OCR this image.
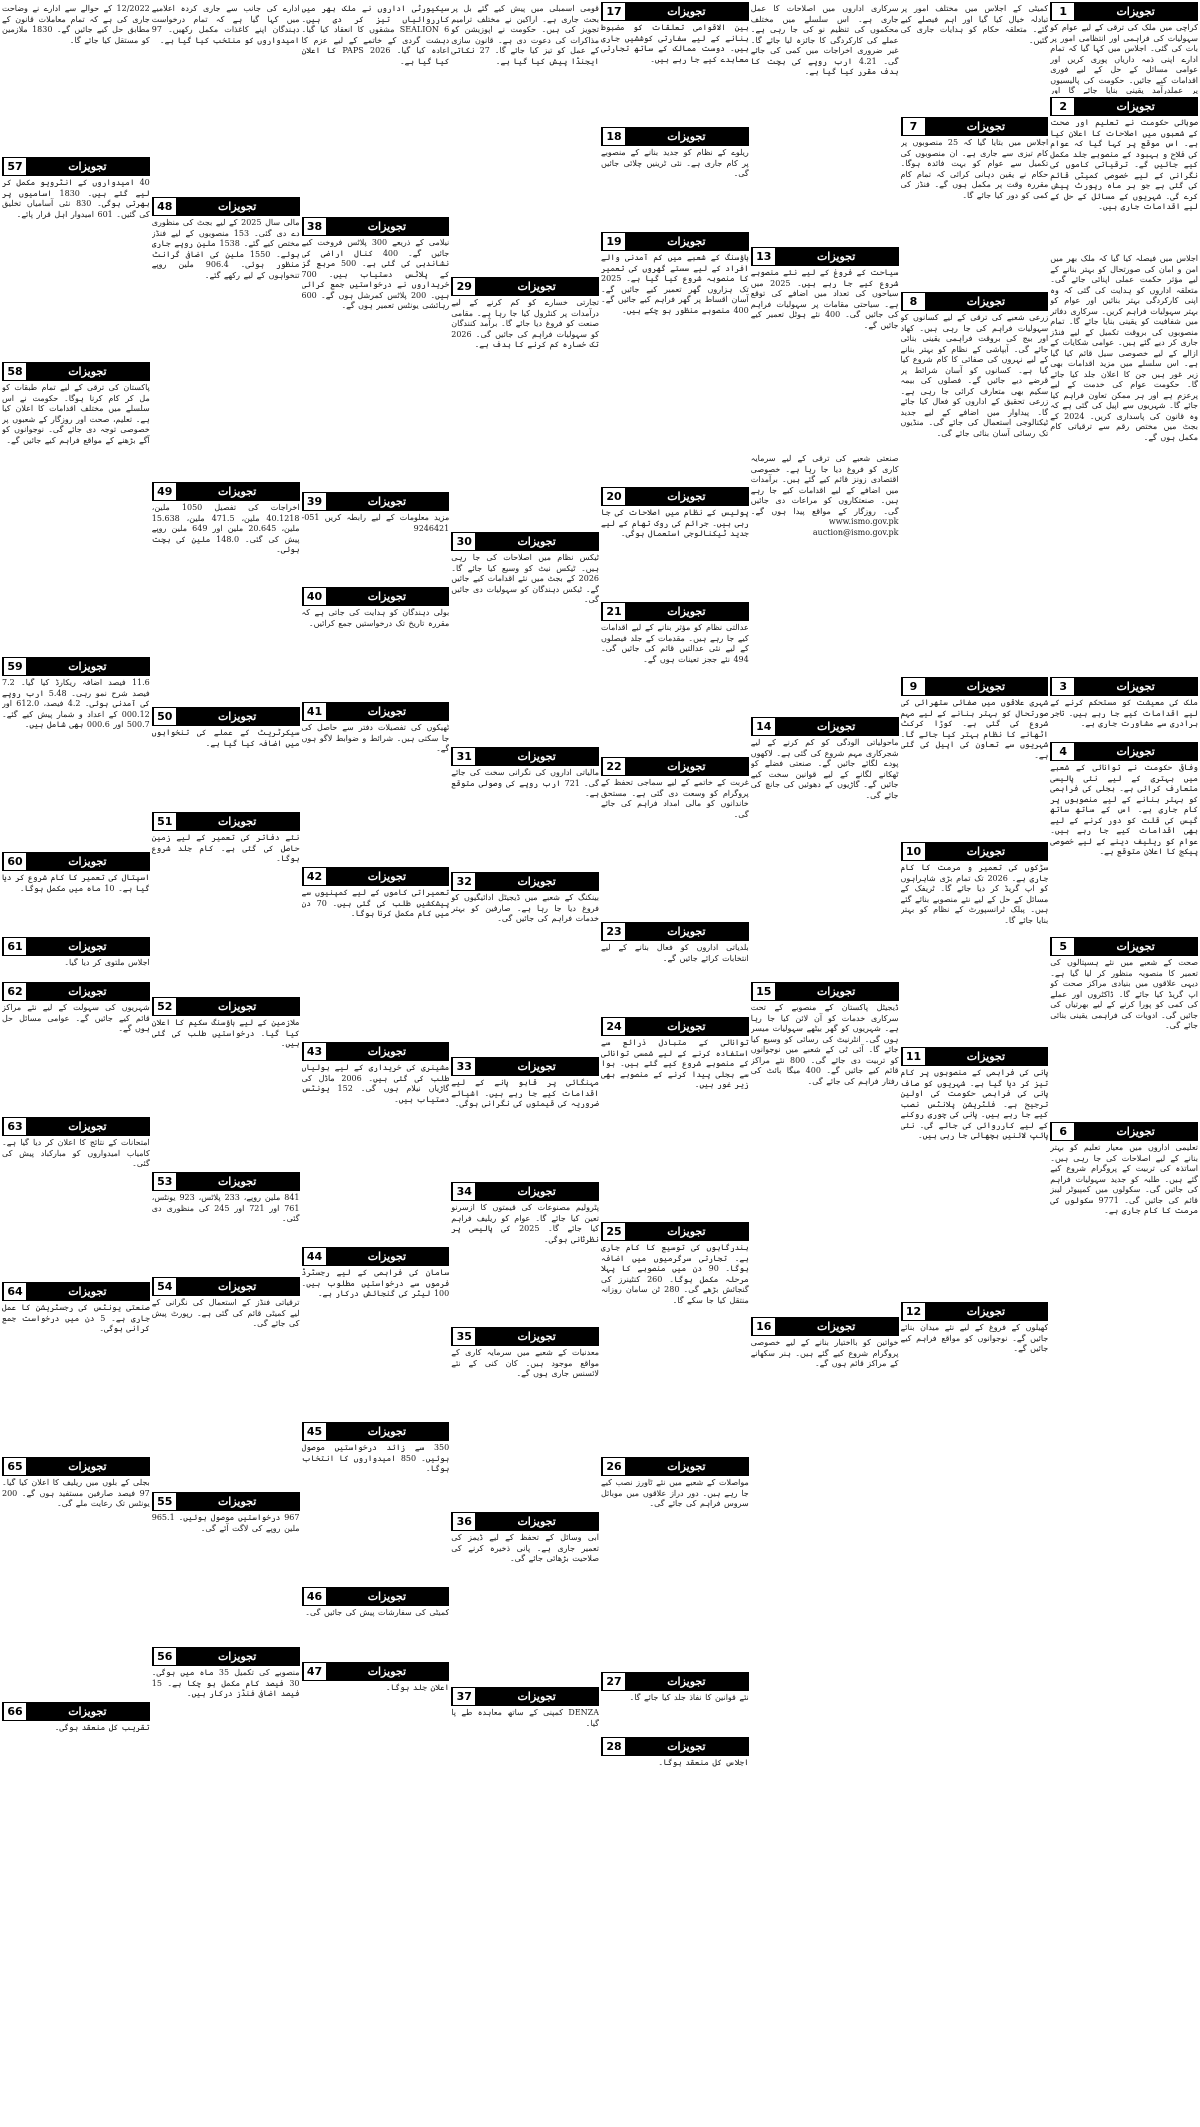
1	تجویزات
کراچی میں ملک کی ترقی کے لیے عوام کو سہولیات کی فراہمی اور انتظامی امور پر بات کی گئی۔ اجلاس میں کہا گیا کہ تمام ادارے اپنی ذمہ داریاں پوری کریں اور عوامی مسائل کے حل کے لیے فوری اقدامات کیے جائیں۔ حکومت کی پالیسیوں پر عملدرآمد یقینی بنایا جائے گا اور
2	تجویزات
صوبائی حکومت نے تعلیم اور صحت کے شعبوں میں اصلاحات کا اعلان کیا ہے۔ اس موقع پر کہا گیا کہ عوام کی فلاح و بہبود کے منصوبے جلد مکمل کیے جائیں گے۔ ترقیاتی کاموں کی نگرانی کے لیے خصوصی کمیٹی قائم کی گئی ہے جو ہر ماہ رپورٹ پیش کرے گی۔ شہریوں کے مسائل کے حل کے لیے اقدامات جاری ہیں۔
اجلاس میں فیصلہ کیا گیا کہ ملک بھر میں امن و امان کی صورتحال کو بہتر بنانے کے لیے مؤثر حکمت عملی اپنائی جائے گی۔ متعلقہ اداروں کو ہدایت کی گئی کہ وہ اپنی کارکردگی بہتر بنائیں اور عوام کو بہتر سہولیات فراہم کریں۔ سرکاری دفاتر میں شفافیت کو یقینی بنایا جائے گا۔ تمام منصوبوں کی بروقت تکمیل کے لیے فنڈز جاری کر دیے گئے ہیں۔ عوامی شکایات کے ازالے کے لیے خصوصی سیل قائم کیا گیا ہے۔ اس سلسلے میں مزید اقدامات بھی زیر غور ہیں جن کا اعلان جلد کیا جائے گا۔ حکومت عوام کی خدمت کے لیے پرعزم ہے اور ہر ممکن تعاون فراہم کیا جائے گا۔ شہریوں سے اپیل کی گئی ہے کہ وہ قانون کی پاسداری کریں۔ 2024 کے بجٹ میں مختص رقم سے ترقیاتی کام مکمل ہوں گے۔
3	تجویزات
ملک کی معیشت کو مستحکم کرنے کے لیے اقدامات کیے جا رہے ہیں۔ تاجر برادری سے مشاورت جاری ہے۔
4	تجویزات
وفاقی حکومت نے توانائی کے شعبے میں بہتری کے لیے نئی پالیسی متعارف کرائی ہے۔ بجلی کی فراہمی کو بہتر بنانے کے لیے منصوبوں پر کام جاری ہے۔ اس کے ساتھ ساتھ گیس کی قلت کو دور کرنے کے لیے بھی اقدامات کیے جا رہے ہیں۔ عوام کو ریلیف دینے کے لیے خصوصی پیکج کا اعلان متوقع ہے۔
5	تجویزات
صحت کے شعبے میں نئے ہسپتالوں کی تعمیر کا منصوبہ منظور کر لیا گیا ہے۔ دیہی علاقوں میں بنیادی مراکز صحت کو اپ گریڈ کیا جائے گا۔ ڈاکٹروں اور عملے کی کمی کو پورا کرنے کے لیے بھرتیاں کی جائیں گی۔ ادویات کی فراہمی یقینی بنائی جائے گی۔
6	تجویزات
تعلیمی اداروں میں معیار تعلیم کو بہتر بنانے کے لیے اصلاحات کی جا رہی ہیں۔ اساتذہ کی تربیت کے پروگرام شروع کیے گئے ہیں۔ طلبہ کو جدید سہولیات فراہم کی جائیں گی۔ سکولوں میں کمپیوٹر لیبز قائم کی جائیں گی۔ 9771 سکولوں کی مرمت کا کام جاری ہے۔
کمیٹی کے اجلاس میں مختلف امور پر تبادلہ خیال کیا گیا اور اہم فیصلے کیے گئے۔ متعلقہ حکام کو ہدایات جاری کی گئیں۔
7	تجویزات
اجلاس میں بتایا گیا کہ 25 منصوبوں پر کام تیزی سے جاری ہے۔ ان منصوبوں کی تکمیل سے عوام کو بہت فائدہ ہوگا۔ حکام نے یقین دہانی کرائی کہ تمام کام مقررہ وقت پر مکمل ہوں گے۔ فنڈز کی کمی کو دور کیا جائے گا۔
8	تجویزات
زرعی شعبے کی ترقی کے لیے کسانوں کو سہولیات فراہم کی جا رہی ہیں۔ کھاد اور بیج کی بروقت فراہمی یقینی بنائی جائے گی۔ آبپاشی کے نظام کو بہتر بنانے کے لیے نہروں کی صفائی کا کام شروع کیا گیا ہے۔ کسانوں کو آسان شرائط پر قرضے دیے جائیں گے۔ فصلوں کی بیمہ سکیم بھی متعارف کرائی جا رہی ہے۔ زرعی تحقیق کے اداروں کو فعال کیا جائے گا۔ پیداوار میں اضافے کے لیے جدید ٹیکنالوجی استعمال کی جائے گی۔ منڈیوں تک رسائی آسان بنائی جائے گی۔
9	تجویزات
شہری علاقوں میں صفائی ستھرائی کی صورتحال کو بہتر بنانے کے لیے مہم شروع کی گئی ہے۔ کوڑا کرکٹ اٹھانے کا نظام بہتر کیا جائے گا۔ شہریوں سے تعاون کی اپیل کی گئی ہے۔
10	تجویزات
سڑکوں کی تعمیر و مرمت کا کام جاری ہے۔ 2026 تک تمام بڑی شاہراہوں کو اپ گریڈ کر دیا جائے گا۔ ٹریفک کے مسائل کے حل کے لیے نئے منصوبے بنائے گئے ہیں۔ پبلک ٹرانسپورٹ کے نظام کو بہتر بنایا جائے گا۔
11	تجویزات
پانی کی فراہمی کے منصوبوں پر کام تیز کر دیا گیا ہے۔ شہریوں کو صاف پانی کی فراہمی حکومت کی اولین ترجیح ہے۔ فلٹریشن پلانٹس نصب کیے جا رہے ہیں۔ پانی کی چوری روکنے کے لیے کارروائی کی جائے گی۔ نئی پائپ لائنیں بچھائی جا رہی ہیں۔
12	تجویزات
کھیلوں کے فروغ کے لیے نئے میدان بنائے جائیں گے۔ نوجوانوں کو مواقع فراہم کیے جائیں گے۔
سرکاری اداروں میں اصلاحات کا عمل جاری ہے۔ اس سلسلے میں مختلف محکموں کی تنظیم نو کی جا رہی ہے۔ عملے کی کارکردگی کا جائزہ لیا جائے گا۔ غیر ضروری اخراجات میں کمی کی جائے گی۔ 4.21 ارب روپے کی بچت کا ہدف مقرر کیا گیا ہے۔
13	تجویزات
سیاحت کے فروغ کے لیے نئے منصوبے شروع کیے جا رہے ہیں۔ 2025 میں سیاحوں کی تعداد میں اضافے کی توقع ہے۔ سیاحتی مقامات پر سہولیات فراہم کی جائیں گی۔ 400 نئے ہوٹل تعمیر کیے جائیں گے۔
صنعتی شعبے کی ترقی کے لیے سرمایہ کاری کو فروغ دیا جا رہا ہے۔ خصوصی اقتصادی زونز قائم کیے گئے ہیں۔ برآمدات میں اضافے کے لیے اقدامات کیے جا رہے ہیں۔ صنعتکاروں کو مراعات دی جائیں گی۔ روزگار کے مواقع پیدا ہوں گے۔ www.ismo.gov.pk auction@ismo.gov.pk
14	تجویزات
ماحولیاتی آلودگی کو کم کرنے کے لیے شجرکاری مہم شروع کی گئی ہے۔ لاکھوں پودے لگائے جائیں گے۔ صنعتی فضلے کو ٹھکانے لگانے کے لیے قوانین سخت کیے جائیں گے۔ گاڑیوں کے دھوئیں کی جانچ کی جائے گی۔
15	تجویزات
ڈیجیٹل پاکستان کے منصوبے کے تحت سرکاری خدمات کو آن لائن کیا جا رہا ہے۔ شہریوں کو گھر بیٹھے سہولیات میسر ہوں گی۔ انٹرنیٹ کی رسائی کو وسیع کیا جائے گا۔ آئی ٹی کے شعبے میں نوجوانوں کو تربیت دی جائے گی۔ 800 نئے مراکز قائم کیے جائیں گے۔ 400 میگا بائٹ کی رفتار فراہم کی جائے گی۔
16	تجویزات
خواتین کو بااختیار بنانے کے لیے خصوصی پروگرام شروع کیے گئے ہیں۔ ہنر سکھانے کے مراکز قائم ہوں گے۔
17	تجویزات
بین الاقوامی تعلقات کو مضبوط بنانے کے لیے سفارتی کوششیں جاری ہیں۔ دوست ممالک کے ساتھ تجارتی معاہدے کیے جا رہے ہیں۔
18	تجویزات
ریلوے کے نظام کو جدید بنانے کے منصوبے پر کام جاری ہے۔ نئی ٹرینیں چلائی جائیں گی۔
19	تجویزات
ہاؤسنگ کے شعبے میں کم آمدنی والے افراد کے لیے سستے گھروں کی تعمیر کا منصوبہ شروع کیا گیا ہے۔ 2025 تک ہزاروں گھر تعمیر کیے جائیں گے۔ آسان اقساط پر گھر فراہم کیے جائیں گے۔ 400 منصوبے منظور ہو چکے ہیں۔
20	تجویزات
پولیس کے نظام میں اصلاحات کی جا رہی ہیں۔ جرائم کی روک تھام کے لیے جدید ٹیکنالوجی استعمال ہوگی۔
21	تجویزات
عدالتی نظام کو مؤثر بنانے کے لیے اقدامات کیے جا رہے ہیں۔ مقدمات کے جلد فیصلوں کے لیے نئی عدالتیں قائم کی جائیں گی۔ 494 نئے ججز تعینات ہوں گے۔
22	تجویزات
غربت کے خاتمے کے لیے سماجی تحفظ کے پروگرام کو وسعت دی گئی ہے۔ مستحق خاندانوں کو مالی امداد فراہم کی جائے گی۔
23	تجویزات
بلدیاتی اداروں کو فعال بنانے کے لیے انتخابات کرائے جائیں گے۔
24	تجویزات
توانائی کے متبادل ذرائع سے استفادہ کرنے کے لیے شمسی توانائی کے منصوبے شروع کیے گئے ہیں۔ ہوا سے بجلی پیدا کرنے کے منصوبے بھی زیر غور ہیں۔
25	تجویزات
بندرگاہوں کی توسیع کا کام جاری ہے۔ تجارتی سرگرمیوں میں اضافہ ہوگا۔ 90 دن میں منصوبے کا پہلا مرحلہ مکمل ہوگا۔ 260 کنٹینرز کی گنجائش بڑھے گی۔ 280 ٹن سامان روزانہ منتقل کیا جا سکے گا۔
26	تجویزات
مواصلات کے شعبے میں نئے ٹاورز نصب کیے جا رہے ہیں۔ دور دراز علاقوں میں موبائل سروس فراہم کی جائے گی۔
27	تجویزات
نئے قوانین کا نفاذ جلد کیا جائے گا۔
28	تجویزات
اجلاس کل منعقد ہوگا۔
قومی اسمبلی میں پیش کیے گئے بل پر بحث جاری ہے۔ اراکین نے مختلف ترامیم تجویز کی ہیں۔ حکومت نے اپوزیشن کو مذاکرات کی دعوت دی ہے۔ قانون سازی کے عمل کو تیز کیا جائے گا۔ 27 نکاتی ایجنڈا پیش کیا گیا ہے۔
29	تجویزات
تجارتی خسارے کو کم کرنے کے لیے درآمدات پر کنٹرول کیا جا رہا ہے۔ مقامی صنعت کو فروغ دیا جائے گا۔ برآمد کنندگان کو سہولیات فراہم کی جائیں گی۔ 2026 تک خسارہ کم کرنے کا ہدف ہے۔
30	تجویزات
ٹیکس نظام میں اصلاحات کی جا رہی ہیں۔ ٹیکس نیٹ کو وسیع کیا جائے گا۔ 2026 کے بجٹ میں نئے اقدامات کیے جائیں گے۔ ٹیکس دہندگان کو سہولیات دی جائیں گی۔
31	تجویزات
مالیاتی اداروں کی نگرانی سخت کی جائے گی۔ 721 ارب روپے کی وصولی متوقع ہے۔
32	تجویزات
بینکنگ کے شعبے میں ڈیجیٹل ادائیگیوں کو فروغ دیا جا رہا ہے۔ صارفین کو بہتر خدمات فراہم کی جائیں گی۔
33	تجویزات
مہنگائی پر قابو پانے کے لیے اقدامات کیے جا رہے ہیں۔ اشیائے ضروریہ کی قیمتوں کی نگرانی ہوگی۔
34	تجویزات
پٹرولیم مصنوعات کی قیمتوں کا ازسرنو تعین کیا جائے گا۔ عوام کو ریلیف فراہم کیا جائے گا۔ 2025 کی پالیسی پر نظرثانی ہوگی۔
35	تجویزات
معدنیات کے شعبے میں سرمایہ کاری کے مواقع موجود ہیں۔ کان کنی کے نئے لائسنس جاری ہوں گے۔
36	تجویزات
آبی وسائل کے تحفظ کے لیے ڈیمز کی تعمیر جاری ہے۔ پانی ذخیرہ کرنے کی صلاحیت بڑھائی جائے گی۔
37	تجویزات
DENZA کمپنی کے ساتھ معاہدہ طے پا گیا۔
سیکیورٹی اداروں نے ملک بھر میں کارروائیاں تیز کر دی ہیں۔ SEALION 6 مشقوں کا انعقاد کیا گیا۔ دہشت گردی کے خاتمے کے لیے عزم کا اعادہ کیا گیا۔ PAPS 2026 کا اعلان کیا گیا ہے۔
38	تجویزات
نیلامی کے ذریعے 300 پلاٹس فروخت کیے جائیں گے۔ 400 کنال اراضی کی نشاندہی کی گئی ہے۔ 500 مربع گز کے پلاٹس دستیاب ہیں۔ 700 خریداروں نے درخواستیں جمع کرائی ہیں۔ 200 پلاٹس کمرشل ہوں گے۔ 600 رہائشی یونٹس تعمیر ہوں گے۔
39	تجویزات
مزید معلومات کے لیے رابطہ کریں 051-9246421
40	تجویزات
بولی دہندگان کو ہدایت کی جاتی ہے کہ مقررہ تاریخ تک درخواستیں جمع کرائیں۔
41	تجویزات
ٹھیکوں کی تفصیلات دفتر سے حاصل کی جا سکتی ہیں۔ شرائط و ضوابط لاگو ہوں گے۔
42	تجویزات
تعمیراتی کاموں کے لیے کمپنیوں سے پیشکشیں طلب کی گئی ہیں۔ 70 دن میں کام مکمل کرنا ہوگا۔
43	تجویزات
مشینری کی خریداری کے لیے بولیاں طلب کی گئی ہیں۔ 2006 ماڈل کی گاڑیاں نیلام ہوں گی۔ 152 یونٹس دستیاب ہیں۔
44	تجویزات
سامان کی فراہمی کے لیے رجسٹرڈ فرموں سے درخواستیں مطلوب ہیں۔ 100 لیٹر کی گنجائش درکار ہے۔
45	تجویزات
350 سے زائد درخواستیں موصول ہوئیں۔ 850 امیدواروں کا انتخاب ہوگا۔
46	تجویزات
کمیٹی کی سفارشات پیش کی جائیں گی۔
47	تجویزات
اعلان جلد ہوگا۔
ادارے کی جانب سے جاری کردہ اعلامیے میں کہا گیا ہے کہ تمام درخواست دہندگان اپنے کاغذات مکمل رکھیں۔ 97 امیدواروں کو منتخب کیا گیا ہے۔
48	تجویزات
مالی سال 2025 کے لیے بجٹ کی منظوری دے دی گئی۔ 153 منصوبوں کے لیے فنڈز مختص کیے گئے۔ 1538 ملین روپے جاری ہوئے۔ 1550 ملین کی اضافی گرانٹ منظور ہوئی۔ 906.4 ملین روپے تنخواہوں کے لیے رکھے گئے۔
49	تجویزات
اخراجات کی تفصیل 1050 ملین، 40.1218 ملین، 471.5 ملین، 15.638 ملین، 20.645 ملین اور 649 ملین روپے پیش کی گئی۔ 148.0 ملین کی بچت ہوئی۔
50	تجویزات
سیکرٹریٹ کے عملے کی تنخواہوں میں اضافہ کیا گیا ہے۔
51	تجویزات
نئے دفاتر کی تعمیر کے لیے زمین حاصل کی گئی ہے۔ کام جلد شروع ہوگا۔
52	تجویزات
ملازمین کے لیے ہاؤسنگ سکیم کا اعلان کیا گیا۔ درخواستیں طلب کی گئی ہیں۔
53	تجویزات
841 ملین روپے، 233 پلاٹس، 923 یونٹس، 761 اور 721 اور 245 کی منظوری دی گئی۔
54	تجویزات
ترقیاتی فنڈز کے استعمال کی نگرانی کے لیے کمیٹی قائم کی گئی ہے۔ رپورٹ پیش کی جائے گی۔
55	تجویزات
967 درخواستیں موصول ہوئیں۔ 965.1 ملین روپے کی لاگت آئے گی۔
56	تجویزات
منصوبے کی تکمیل 35 ماہ میں ہوگی۔ 30 فیصد کام مکمل ہو چکا ہے۔ 15 فیصد اضافی فنڈز درکار ہیں۔
12/2022 کے حوالے سے ادارے نے وضاحت جاری کی ہے کہ تمام معاملات قانون کے مطابق حل کیے جائیں گے۔ 1830 ملازمین کو مستقل کیا جائے گا۔
57	تجویزات
40 امیدواروں کے انٹرویو مکمل کر لیے گئے ہیں۔ 1830 اسامیوں پر بھرتی ہوگی۔ 830 نئی آسامیاں تخلیق کی گئیں۔ 601 امیدوار اہل قرار پائے۔
58	تجویزات
پاکستان کی ترقی کے لیے تمام طبقات کو مل کر کام کرنا ہوگا۔ حکومت نے اس سلسلے میں مختلف اقدامات کا اعلان کیا ہے۔ تعلیم، صحت اور روزگار کے شعبوں پر خصوصی توجہ دی جائے گی۔ نوجوانوں کو آگے بڑھنے کے مواقع فراہم کیے جائیں گے۔
59	تجویزات
11.6 فیصد اضافہ ریکارڈ کیا گیا۔ 7.2 فیصد شرح نمو رہی۔ 5.48 ارب روپے کی آمدنی ہوئی۔ 4.2 فیصد، 612.0 اور 000.12 کے اعداد و شمار پیش کیے گئے۔ 500.7 اور 000.6 بھی شامل ہیں۔
60	تجویزات
اسپتال کی تعمیر کا کام شروع کر دیا گیا ہے۔ 10 ماہ میں مکمل ہوگا۔
61	تجویزات
اجلاس ملتوی کر دیا گیا۔
62	تجویزات
شہریوں کی سہولت کے لیے نئے مراکز قائم کیے جائیں گے۔ عوامی مسائل حل ہوں گے۔
63	تجویزات
امتحانات کے نتائج کا اعلان کر دیا گیا ہے۔ کامیاب امیدواروں کو مبارکباد پیش کی گئی۔
64	تجویزات
صنعتی یونٹس کی رجسٹریشن کا عمل جاری ہے۔ 5 دن میں درخواست جمع کرانی ہوگی۔
65	تجویزات
بجلی کے بلوں میں ریلیف کا اعلان کیا گیا۔ 97 فیصد صارفین مستفید ہوں گے۔ 200 یونٹس تک رعایت ملے گی۔
66	تجویزات
تقریب کل منعقد ہوگی۔
